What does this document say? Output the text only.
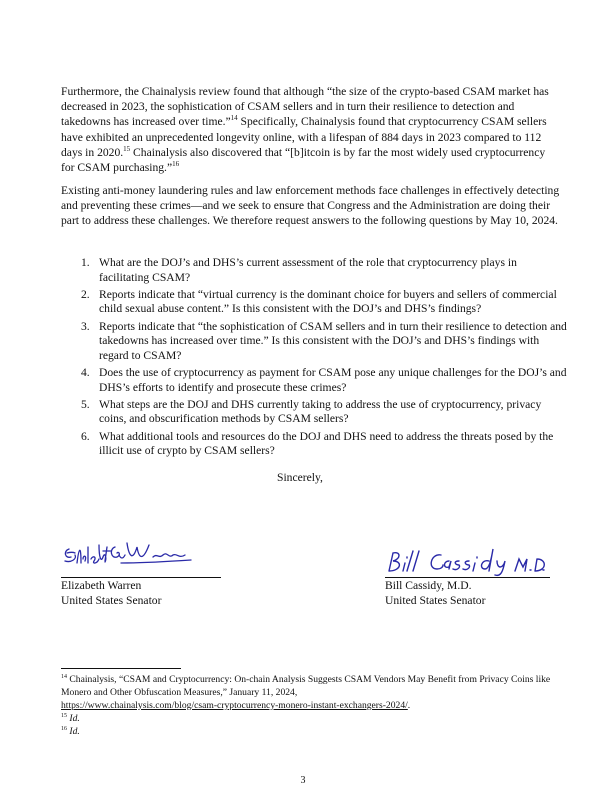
Furthermore, the Chainalysis review found that although “the size of the crypto-based CSAM market has decreased in 2023, the sophistication of CSAM sellers and in turn their resilience to detection and takedowns has increased over time.”$^{14}$ Specifically, Chainalysis found that cryptocurrency CSAM sellers have exhibited an unprecedented longevity online, with a lifespan of 884 days in 2023 compared to 112 days in 2020.15 Chainalysis also discovered that “[b]itcoin is by far the most widely used cryptocurrency for CSAM purchasing.”$^{16}$

Existing anti-money laundering rules and law enforcement methods face challenges in effectively detecting and preventing these crimes—and we seek to ensure that Congress and the Administration are doing their part to address these challenges. We therefore request answers to the following questions by May 10, 2024.

1. What are the DOJ’s and DHS’s current assessment of the role that cryptocurrency plays in facilitating CSAM?
2. Reports indicate that “virtual currency is the dominant choice for buyers and sellers of commercial child sexual abuse content.” Is this consistent with the DOJ’s and DHS’s findings?
3. Reports indicate that “the sophistication of CSAM sellers and in turn their resilience to detection and takedowns has increased over time.” Is this consistent with the DOJ’s and DHS’s findings with regard to CSAM?
4. Does the use of cryptocurrency as payment for CSAM pose any unique challenges for the DOJ’s and DHS’s efforts to identify and prosecute these crimes?
5. What steps are the DOJ and DHS currently taking to address the use of cryptocurrency, privacy coins, and obscurification methods by CSAM sellers?
6. What additional tools and resources do the DOJ and DHS need to address the threats posed by the illicit use of crypto by CSAM sellers?
Sincerely,
Elizabeth Warren
United States Senator
Bill Cassidy, M.D.
United States Senator

$^{14}$ Chainalysis, “CSAM and Cryptocurrency: On-chain Analysis Suggests CSAM Vendors May Benefit from Privacy Coins like Monero and Other Obfuscation Measures,” January 11, 2024,
https://www.chainalysis.com/blog/csam-cryptocurrency-monero-instant-exchangers-2024/.

$^{15}$ Id.

$^{16}$ Id.

3
